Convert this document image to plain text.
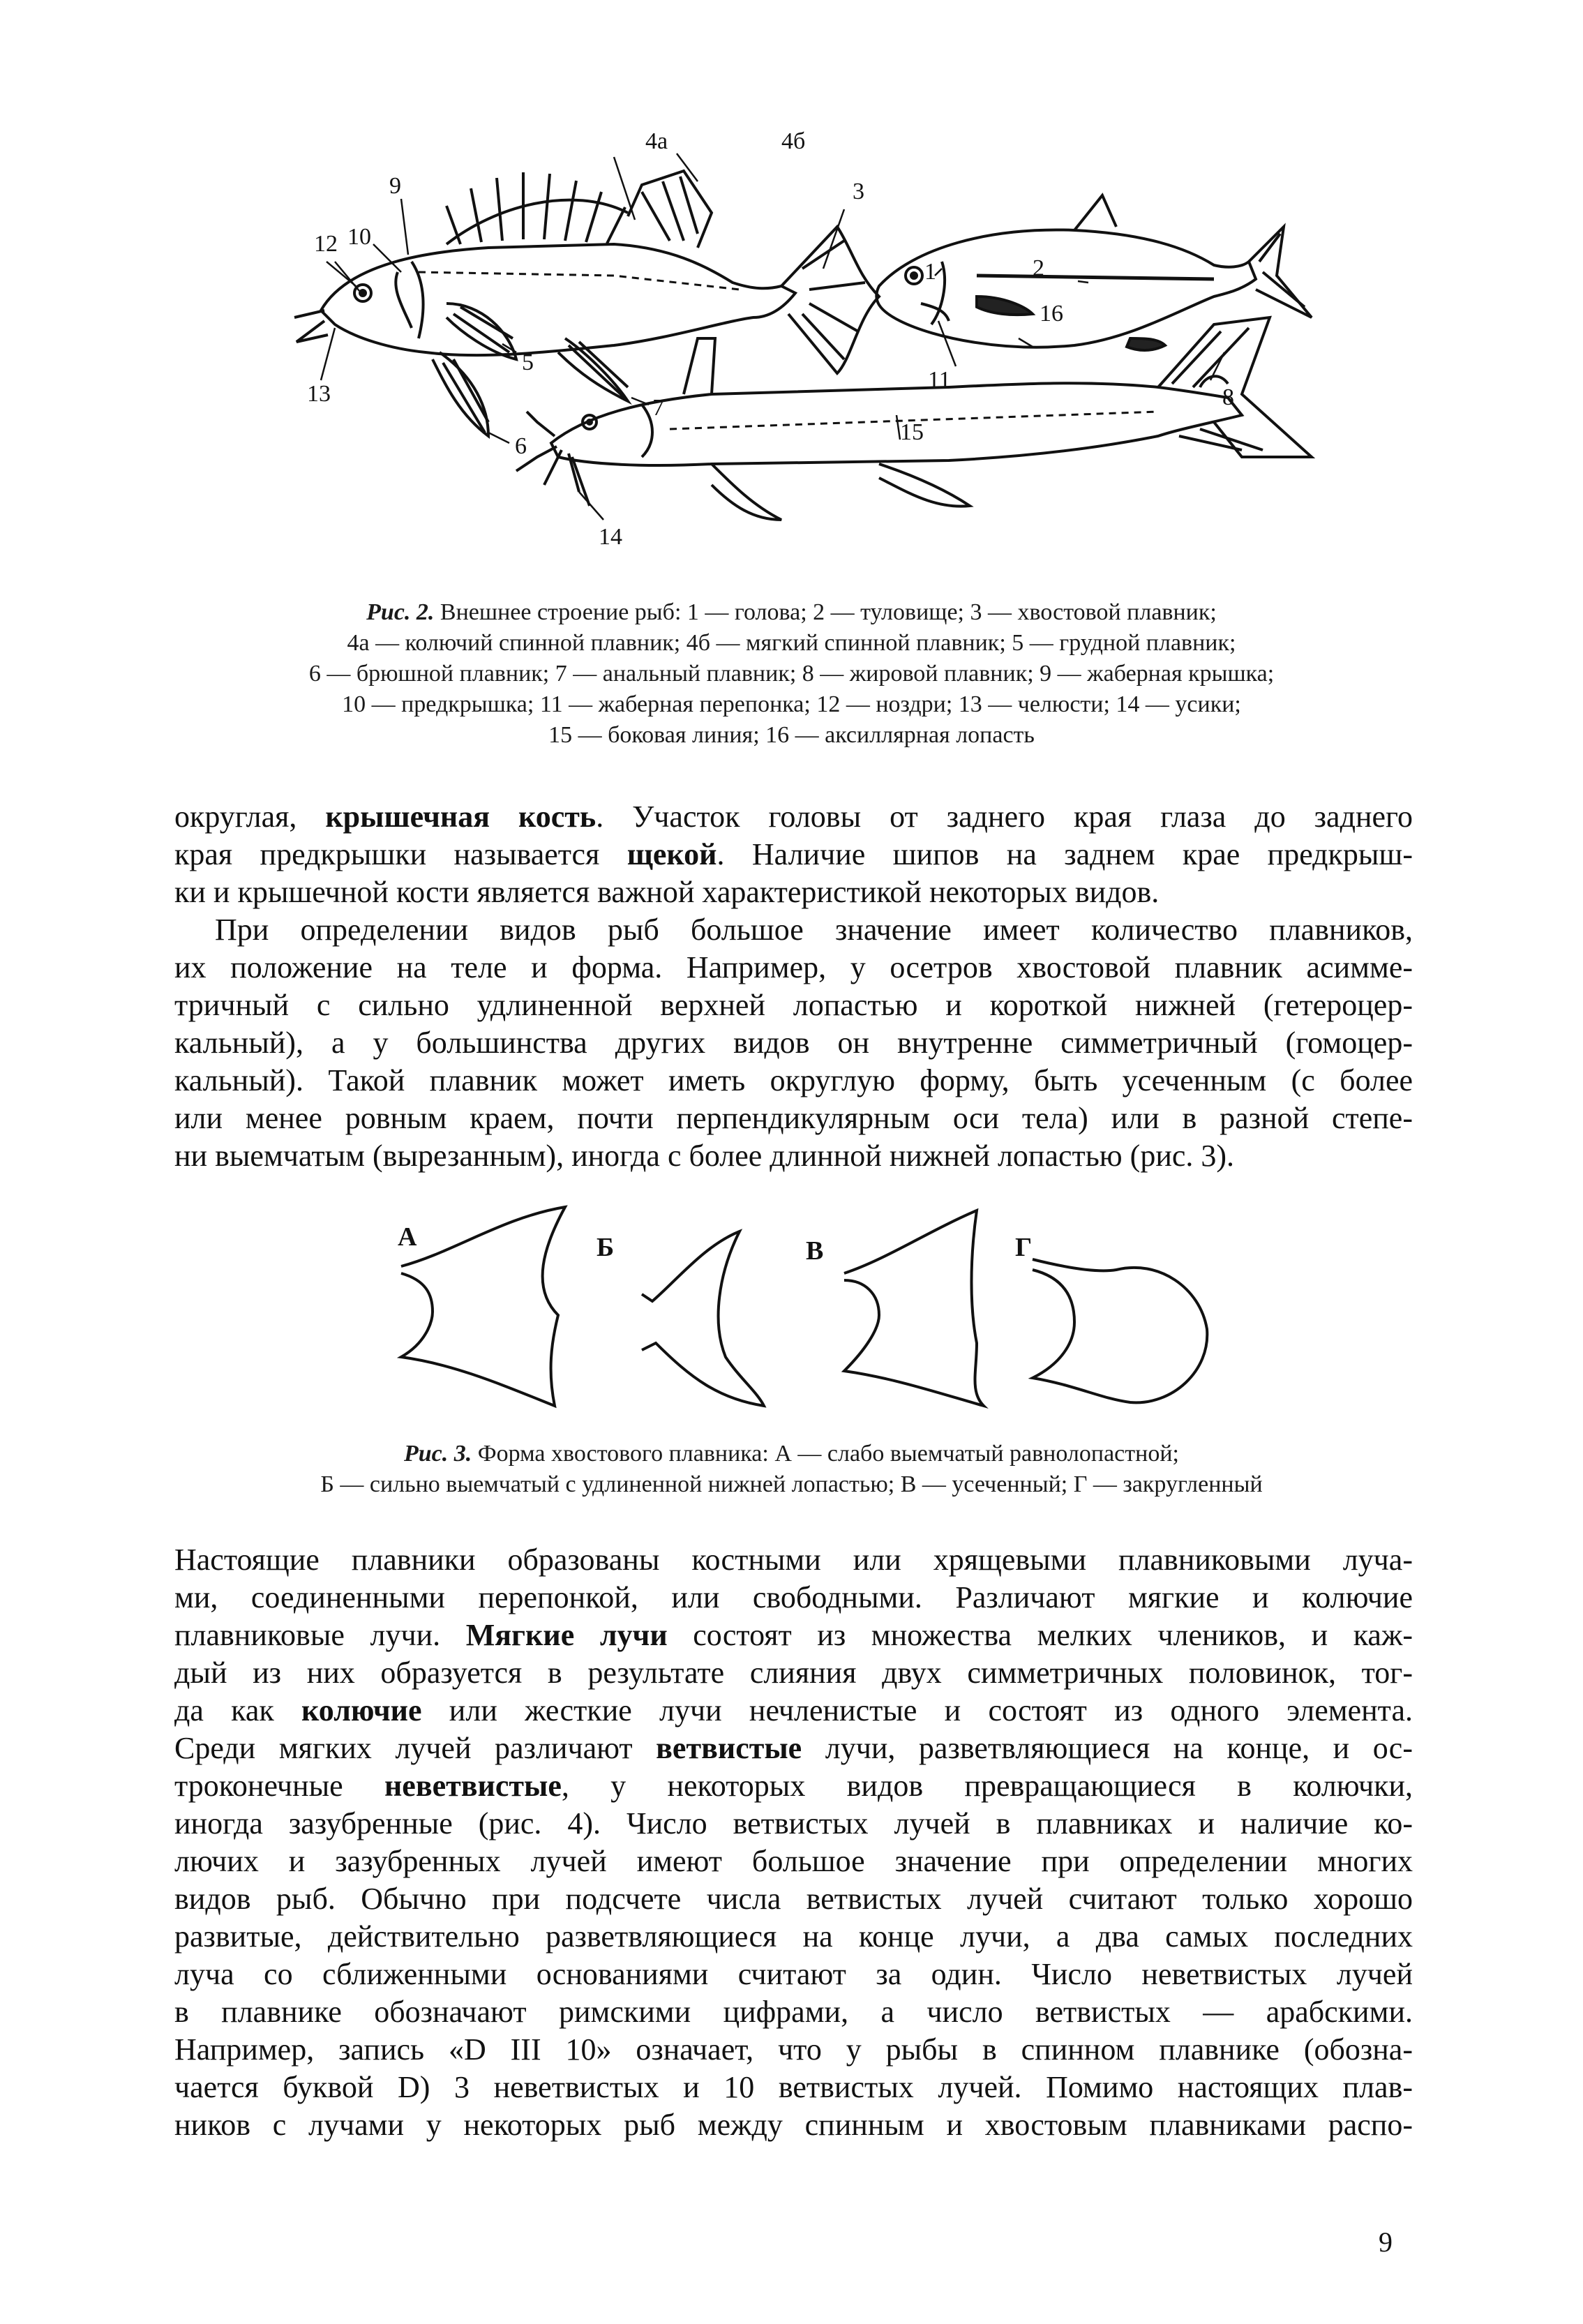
9
4а	4б
3
12 10
13
5
6
7
1	2
16
11
8
15
14
Рис. 2. Внешнее строение рыб: 1 — голова; 2 — туловище; 3 — хвостовой плавник;
4а — колючий спинной плавник; 4б — мягкий спинной плавник; 5 — грудной плавник;
6 — брюшной плавник; 7 — анальный плавник; 8 — жировой плавник; 9 — жаберная крышка;
10 — предкрышка; 11 — жаберная перепонка; 12 — ноздри; 13 — челюсти; 14 — усики;
15 — боковая линия; 16 — аксиллярная лопасть
округлая, крышечная кость. Участок головы от заднего края глаза до заднего
края предкрышки называется щекой. Наличие шипов на заднем крае предкрыш-
ки и крышечной кости является важной характеристикой некоторых видов.
При определении видов рыб большое значение имеет количество плавников,
их положение на теле и форма. Например, у осетров хвостовой плавник асимме-
тричный с сильно удлиненной верхней лопастью и короткой нижней (гетероцер-
кальный), а у большинства других видов он внутренне симметричный (гомоцер-
кальный). Такой плавник может иметь округлую форму, быть усеченным (с более
или менее ровным краем, почти перпендикулярным оси тела) или в разной степе-
ни выемчатым (вырезанным), иногда с более длинной нижней лопастью (рис. 3).
А	Б	В	Г
Рис. 3. Форма хвостового плавника: А — слабо выемчатый равнолопастной;
Б — сильно выемчатый с удлиненной нижней лопастью; В — усеченный; Г — закругленный
Настоящие плавники образованы костными или хрящевыми плавниковыми луча-
ми, соединенными перепонкой, или свободными. Различают мягкие и колючие
плавниковые лучи. Мягкие лучи состоят из множества мелких члеников, и каж-
дый из них образуется в результате слияния двух симметричных половинок, тог-
да как колючие или жесткие лучи нечленистые и состоят из одного элемента.
Среди мягких лучей различают ветвистые лучи, разветвляющиеся на конце, и ос-
троконечные неветвистые, у некоторых видов превращающиеся в колючки,
иногда зазубренные (рис. 4). Число ветвистых лучей в плавниках и наличие ко-
лючих и зазубренных лучей имеют большое значение при определении многих
видов рыб. Обычно при подсчете числа ветвистых лучей считают только хорошо
развитые, действительно разветвляющиеся на конце лучи, а два самых последних
луча со сближенными основаниями считают за один. Число неветвистых лучей
в плавнике обозначают римскими цифрами, а число ветвистых — арабскими.
Например, запись «D III 10» означает, что у рыбы в спинном плавнике (обозна-
чается буквой D) 3 неветвистых и 10 ветвистых лучей. Помимо настоящих плав-
ников с лучами у некоторых рыб между спинным и хвостовым плавниками распо-
9
